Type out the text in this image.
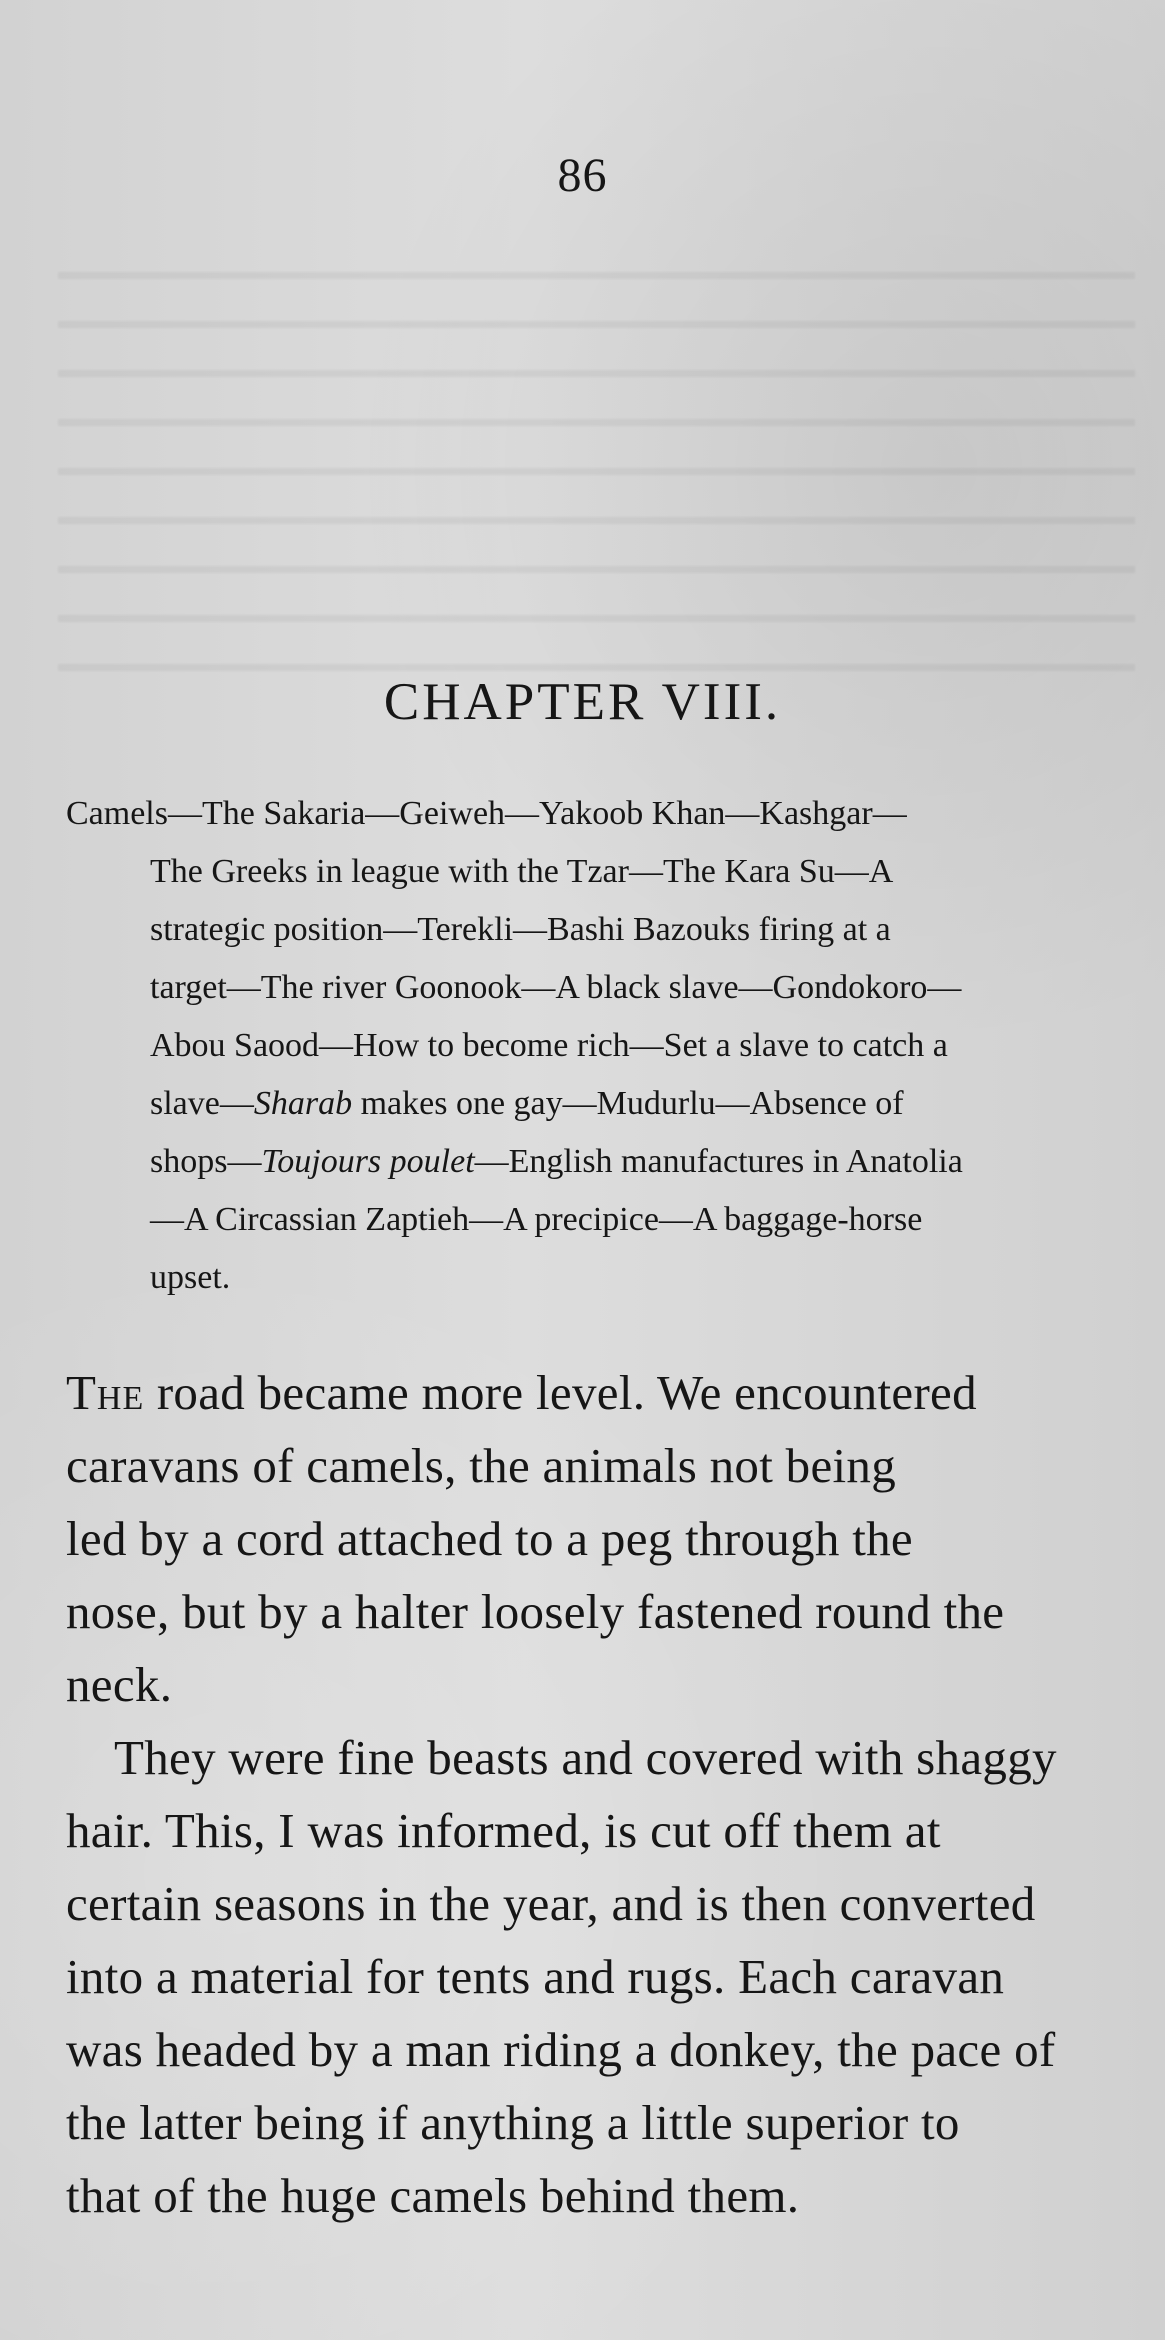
86
CHAPTER VIII.
Camels—The Sakaria—Geiweh—Yakoob Khan—Kashgar—
The Greeks in league with the Tzar—The Kara Su—A
strategic position—Terekli—Bashi Bazouks firing at a
target—The river Goonook—A black slave—Gondokoro—
Abou Saood—How to become rich—Set a slave to catch a
slave—Sharab makes one gay—Mudurlu—Absence of
shops—Toujours poulet—English manufactures in Anatolia
—A Circassian Zaptieh—A precipice—A baggage-horse
upset.

The road became more level. We encountered
caravans of camels, the animals not being
led by a cord attached to a peg through the
nose, but by a halter loosely fastened round the
neck.

They were fine beasts and covered with shaggy
hair. This, I was informed, is cut off them at
certain seasons in the year, and is then converted
into a material for tents and rugs. Each caravan
was headed by a man riding a donkey, the pace of
the latter being if anything a little superior to
that of the huge camels behind them.
